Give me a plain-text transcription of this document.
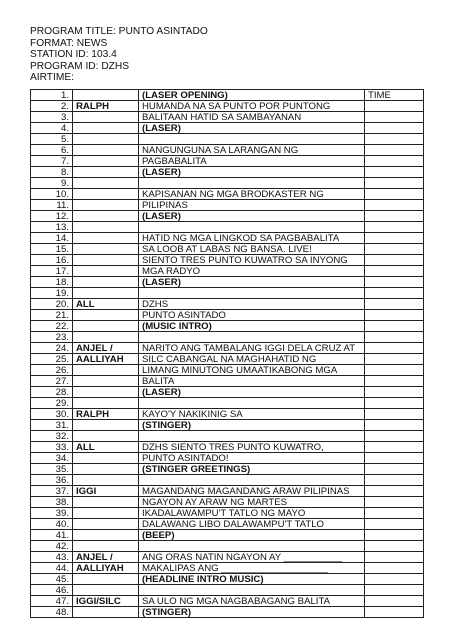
PROGRAM TITLE: PUNTO ASINTADO
FORMAT: NEWS
STATION ID: 103.4
PROGRAM ID: DZHS
AIRTIME:
1.		(LASER OPENING)	TIME
2.	RALPH	HUMANDA NA SA PUNTO POR PUNTONG	
3.		BALITAAN HATID SA SAMBAYANAN	
4.		(LASER)	
5.			
6.		NANGUNGUNA SA LARANGAN NG	
7.		PAGBABALITA	
8.		(LASER)	
9.			
10.		KAPISANAN NG MGA BRODKASTER NG	
11.		PILIPINAS	
12.		(LASER)	
13.			
14.		HATID NG MGA LINGKOD SA PAGBABALITA	
15.		SA LOOB AT LABAS NG BANSA. LIVE!	
16.		SIENTO TRES PUNTO KUWATRO SA INYONG	
17.		MGA RADYO	
18.		(LASER)	
19.			
20.	ALL	DZHS	
21.		PUNTO ASINTADO	
22.		(MUSIC INTRO)	
23.			
24.	ANJEL /	NARITO ANG TAMBALANG IGGI DELA CRUZ AT	
25.	AALLIYAH	SILC CABANGAL NA MAGHAHATID NG	
26.		LIMANG MINUTONG UMAATIKABONG MGA	
27.		BALITA	
28.		(LASER)	
29.			
30.	RALPH	KAYO'Y NAKIKINIG SA	
31.		(STINGER)	
32.			
33.	ALL	DZHS SIENTO TRES PUNTO KUWATRO,	
34.		PUNTO ASINTADO!	
35.		(STINGER GREETINGS)	
36.			
37.	IGGI	MAGANDANG MAGANDANG ARAW PILIPINAS	
38.		NGAYON AY ARAW NG MARTES	
39.		IKADALAWAMPU'T TATLO NG MAYO	
40.		DALAWANG LIBO DALAWAMPU'T TATLO	
41.		(BEEP)	
42.			
43.	ANJEL /	ANG ORAS NATIN NGAYON AY ___________	
44.	AALLIYAH	MAKALIPAS ANG ____________________	
45.		(HEADLINE INTRO MUSIC)	
46.			
47.	IGGI/SILC	SA ULO NG MGA NAGBABAGANG BALITA	
48.		(STINGER)	
